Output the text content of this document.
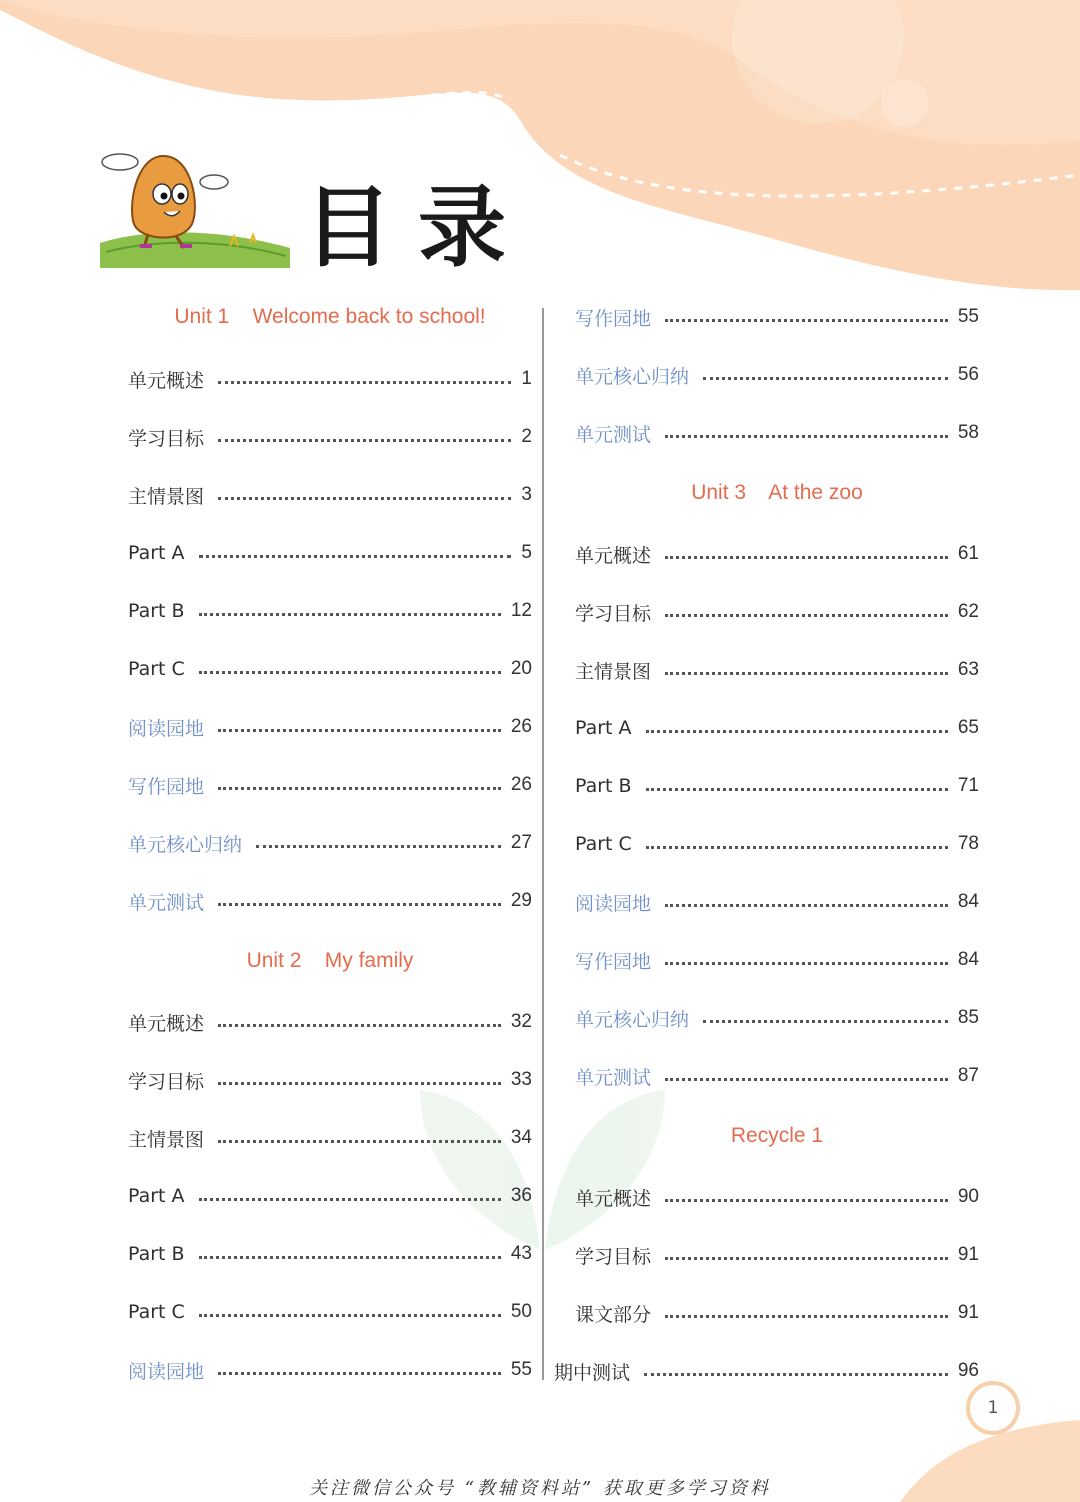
目录
Unit 1    Welcome back to school!
单元概述	1
学习目标	2
主情景图	3
Part A	5
Part B	12
Part C	20
阅读园地	26
写作园地	26
单元核心归纳	27
单元测试	29
Unit 2    My family
单元概述	32
学习目标	33
主情景图	34
Part A	36
Part B	43
Part C	50
阅读园地	55
写作园地	55
单元核心归纳	56
单元测试	58
Unit 3    At the zoo
单元概述	61
学习目标	62
主情景图	63
Part A	65
Part B	71
Part C	78
阅读园地	84
写作园地	84
单元核心归纳	85
单元测试	87
Recycle 1
单元概述	90
学习目标	91
课文部分	91
期中测试	96
1
关注微信公众号 “教辅资料站” 获取更多学习资料
